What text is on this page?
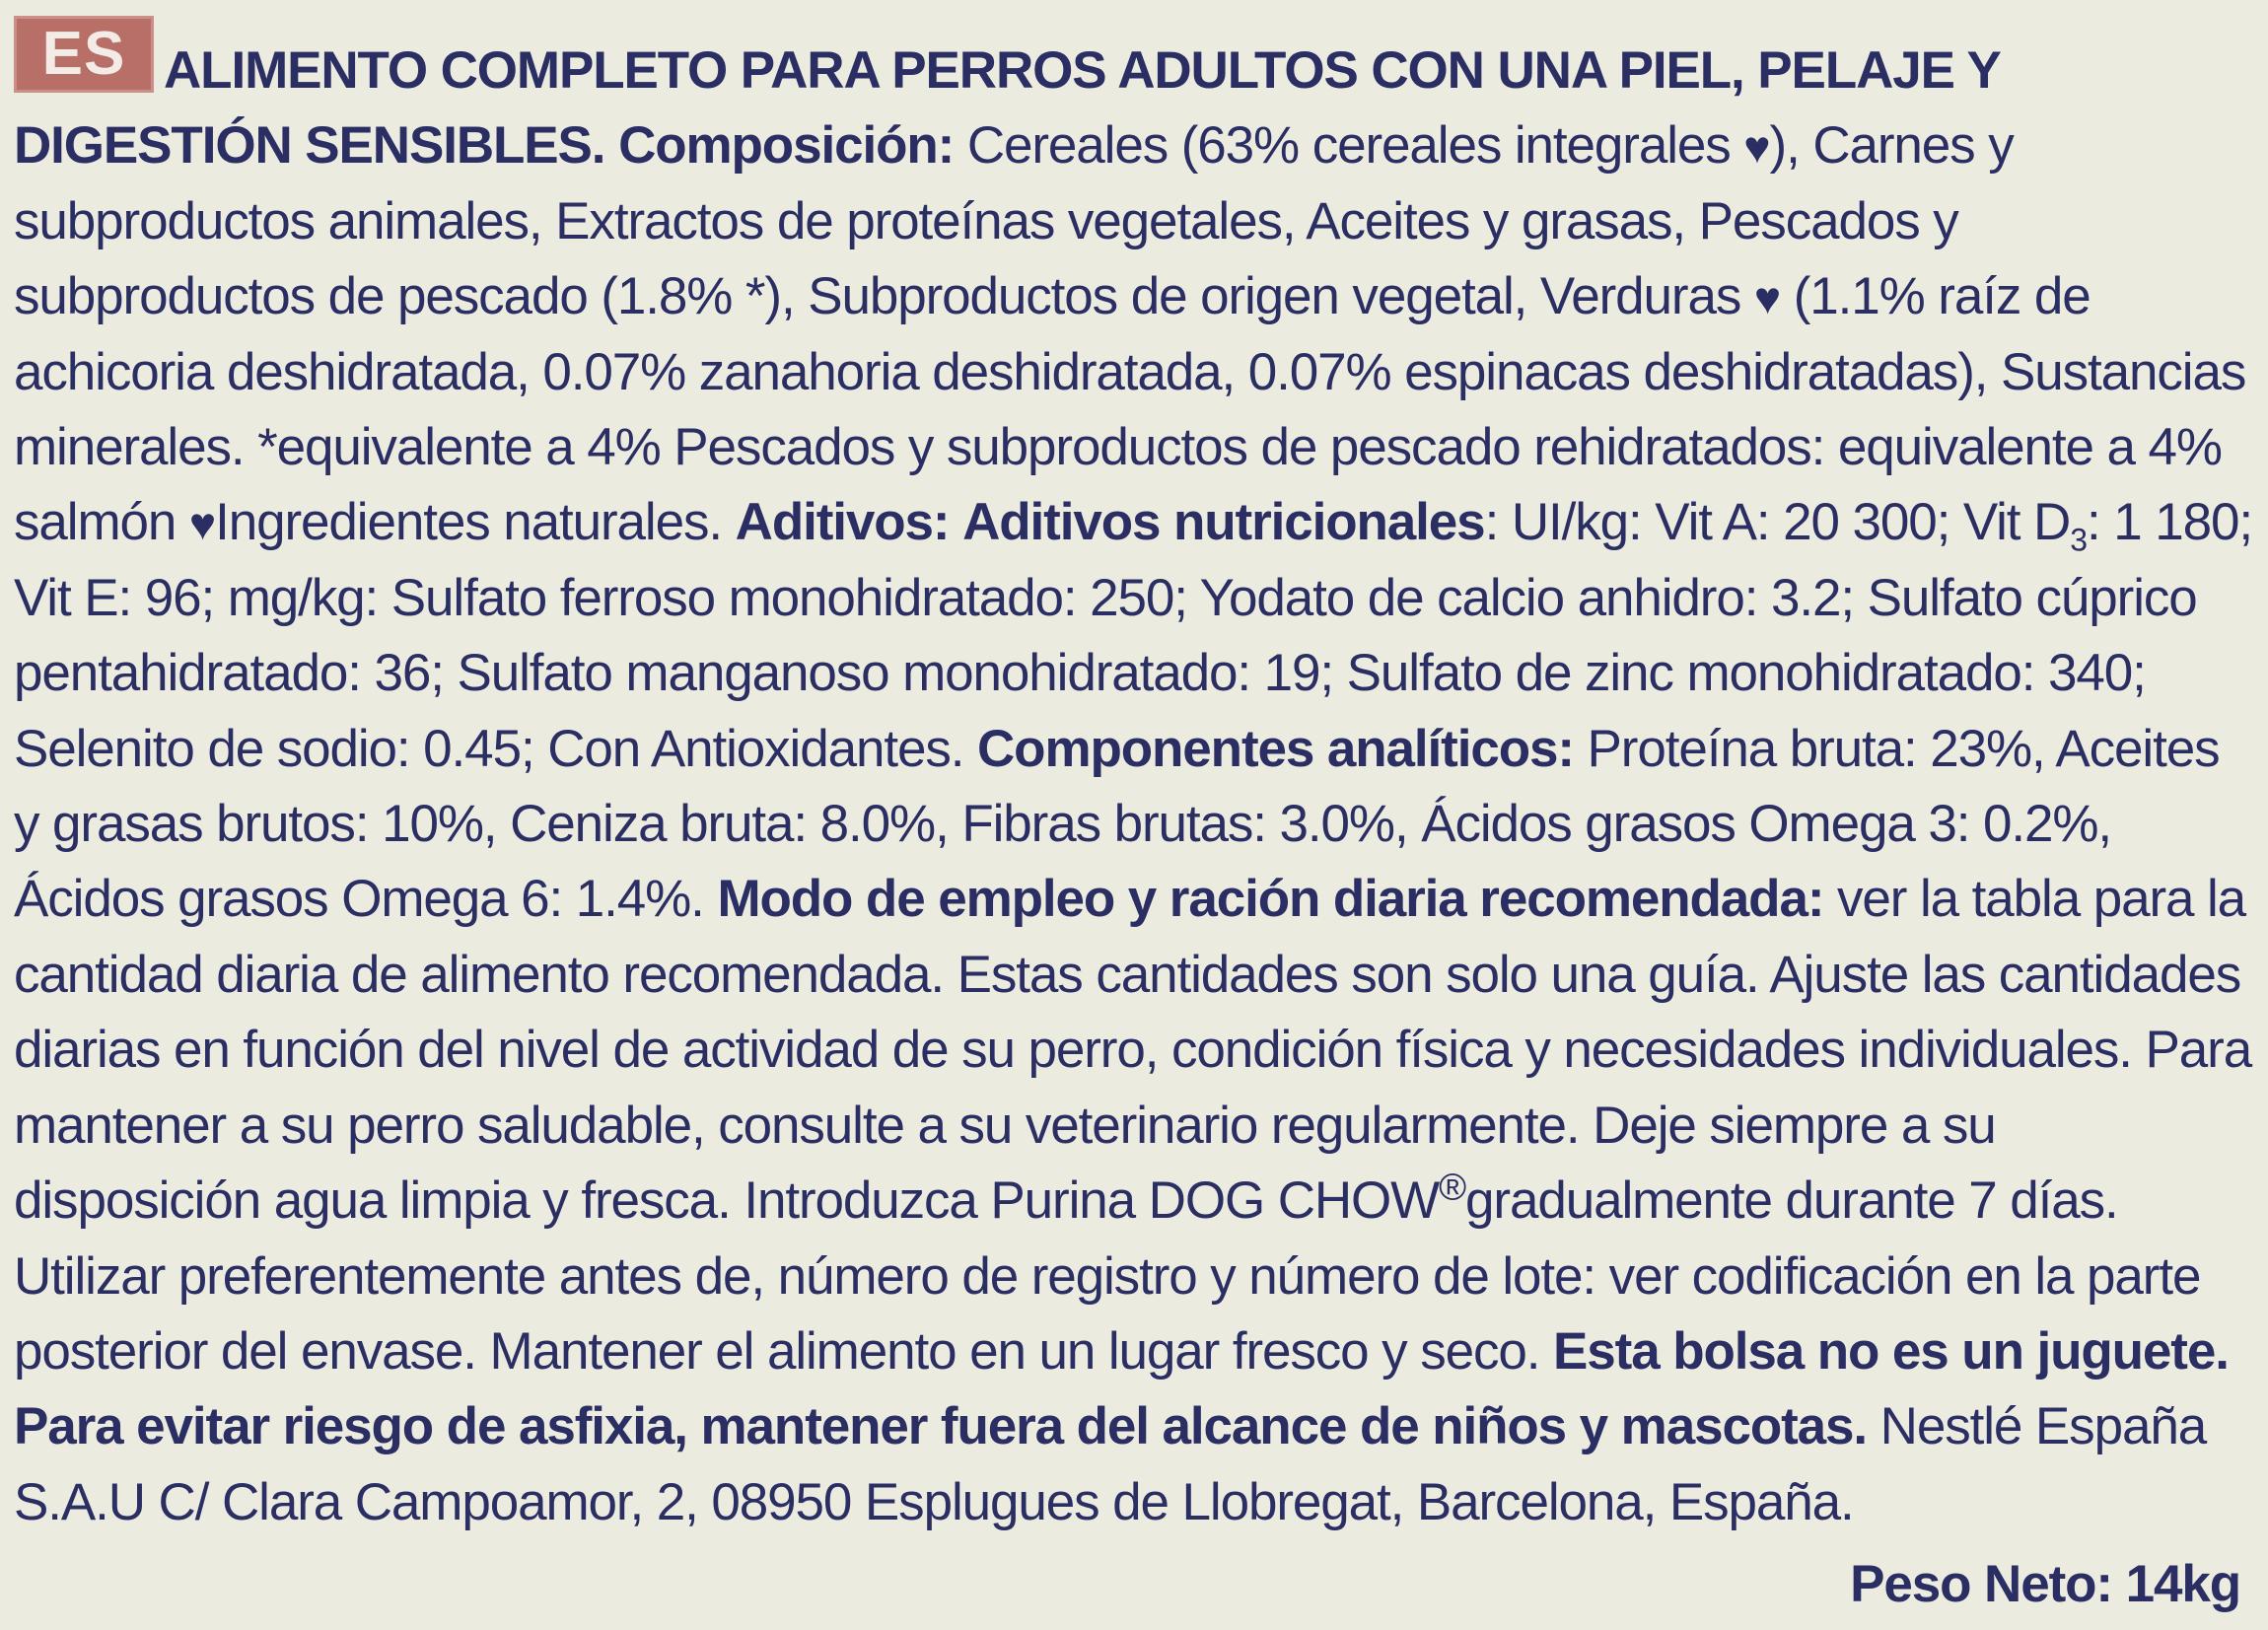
ES ALIMENTO COMPLETO PARA PERROS ADULTOS CON UNA PIEL, PELAJE Y DIGESTIÓN SENSIBLES. Composición: Cereales (63% cereales integrales ♥), Carnes y subproductos animales, Extractos de proteínas vegetales, Aceites y grasas, Pescados y subproductos de pescado (1.8% *), Subproductos de origen vegetal, Verduras ♥ (1.1% raíz de achicoria deshidratada, 0.07% zanahoria deshidratada, 0.07% espinacas deshidratadas), Sustancias minerales. *equivalente a 4% Pescados y subproductos de pescado rehidratados: equivalente a 4% salmón ♥Ingredientes naturales. Aditivos: Aditivos nutricionales: UI/kg: Vit A: 20 300; Vit $D_3$: 1 180; Vit E: 96; mg/kg: Sulfato ferroso monohidratado: 250; Yodato de calcio anhidro: 3.2; Sulfato cúprico pentahidratado: 36; Sulfato manganoso monohidratado: 19; Sulfato de zinc monohidratado: 340; Selenito de sodio: 0.45; Con Antioxidantes. Componentes analíticos: Proteína bruta: 23%, Aceites y grasas brutos: 10%, Ceniza bruta: 8.0%, Fibras brutas: 3.0%, Ácidos grasos Omega 3: 0.2%, Ácidos grasos Omega 6: 1.4%. Modo de empleo y ración diaria recomendada: ver la tabla para la cantidad diaria de alimento recomendada. Estas cantidades son solo una guía. Ajuste las cantidades diarias en función del nivel de actividad de su perro, condición física y necesidades individuales. Para mantener a su perro saludable, consulte a su veterinario regularmente. Deje siempre a su disposición agua limpia y fresca. Introduzca Purina DOG CHOW®gradualmente durante 7 días. Utilizar preferentemente antes de, número de registro y número de lote: ver codificación en la parte posterior del envase. Mantener el alimento en un lugar fresco y seco. Esta bolsa no es un juguete. Para evitar riesgo de asfixia, mantener fuera del alcance de niños y mascotas. Nestlé España S.A.U C/ Clara Campoamor, 2, 08950 Esplugues de Llobregat, Barcelona, España.

Peso Neto: 14kg
